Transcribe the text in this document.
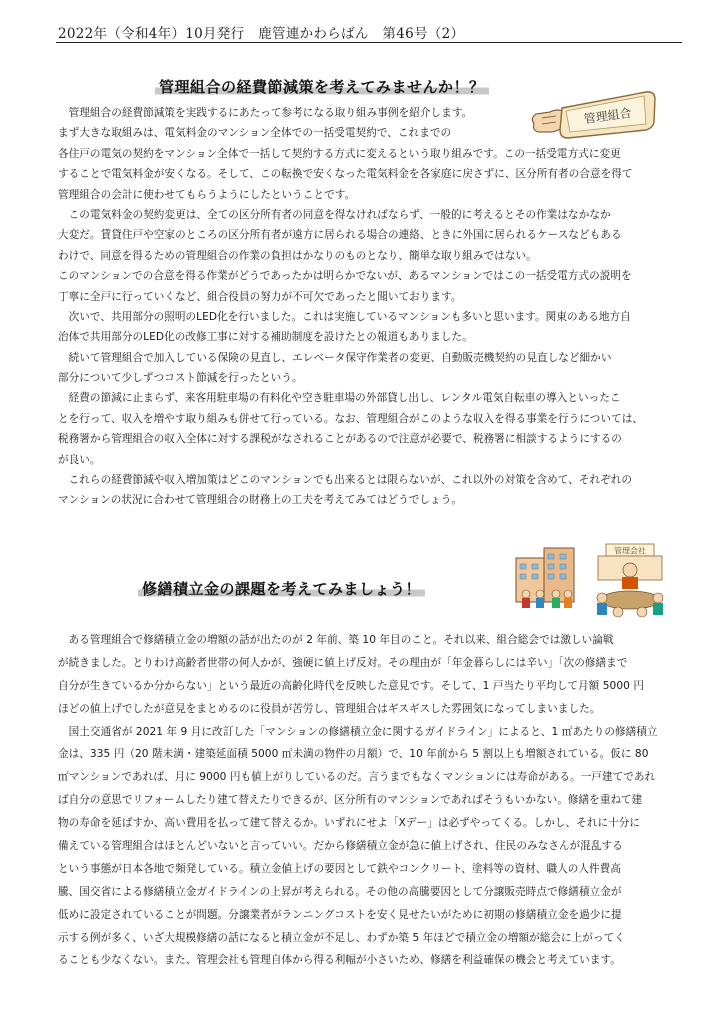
2022年（令和4年）10月発行　鹿管連かわらばん　第46号（2）
管理組合の経費節減策を考えてみませんか！？
管理組合
　管理組合の経費節減策を実践するにあたって参考になる取り組み事例を紹介します。
まず大きな取組みは、電気料金のマンション全体での一括受電契約で、これまでの
各住戸の電気の契約をマンション全体で一括して契約する方式に変えるという取り組みです。この一括受電方式に変更
することで電気料金が安くなる。そして、この転換で安くなった電気料金を各家庭に戻さずに、区分所有者の合意を得て
管理組合の会計に使わせてもらうようにしたということです。
　この電気料金の契約変更は、全ての区分所有者の同意を得なければならず、一般的に考えるとその作業はなかなか
大変だ。賃貸住戸や空家のところの区分所有者が遠方に居られる場合の連絡、ときに外国に居られるケースなどもある
わけで、同意を得るための管理組合の作業の負担はかなりのものとなり、簡単な取り組みではない。
このマンションでの合意を得る作業がどうであったかは明らかでないが、あるマンションではこの一括受電方式の説明を
丁寧に全戸に行っていくなど、組合役員の努力が不可欠であったと聞いております。
　次いで、共用部分の照明のLED化を行いました。これは実施しているマンションも多いと思います。関東のある地方自
治体で共用部分のLED化の改修工事に対する補助制度を設けたとの報道もありました。
　続いて管理組合で加入している保険の見直し、エレベータ保守作業者の変更、自動販売機契約の見直しなど細かい
部分について少しずつコスト節減を行ったという。
　経費の節減に止まらず、来客用駐車場の有料化や空き駐車場の外部貸し出し、レンタル電気自転車の導入といったこ
とを行って、収入を増やす取り組みも併せて行っている。なお、管理組合がこのような収入を得る事業を行うについては、
税務署から管理組合の収入全体に対する課税がなされることがあるので注意が必要で、税務署に相談するようにするの
が良い。
　これらの経費節減や収入増加策はどこのマンションでも出来るとは限らないが、これ以外の対策を含めて、それぞれの
マンションの状況に合わせて管理組合の財務上の工夫を考えてみてはどうでしょう。
修繕積立金の課題を考えてみましょう！
管理会社
　ある管理組合で修繕積立金の増額の話が出たのが 2 年前、築 10 年目のこと。それ以来、組合総会では激しい論戦
が続きました。とりわけ高齢者世帯の何人かが、強硬に値上げ反対。その理由が「年金暮らしには辛い」「次の修繕まで
自分が生きているか分からない」という最近の高齢化時代を反映した意見です。そして、1 戸当たり平均して月額 5000 円
ほどの値上げでしたが意見をまとめるのに役員が苦労し、管理組合はギスギスした雰囲気になってしまいました。
　国土交通省が 2021 年 9 月に改訂した「マンションの修繕積立金に関するガイドライン」によると、1 ㎡あたりの修繕積立
金は、335 円（20 階未満・建築延面積 5000 ㎡未満の物件の月額）で、10 年前から 5 割以上も増額されている。仮に 80
㎡マンションであれば、月に 9000 円も値上がりしているのだ。言うまでもなくマンションには寿命がある。一戸建てであれ
ば自分の意思でリフォームしたり建て替えたりできるが、区分所有のマンションであればそうもいかない。修繕を重ねて建
物の寿命を延ばすか、高い費用を払って建て替えるか。いずれにせよ「Xデー」は必ずやってくる。しかし、それに十分に
備えている管理組合はほとんどいないと言っていい。だから修繕積立金が急に値上げされ、住民のみなさんが混乱する
という事態が日本各地で頻発している。積立金値上げの要因として鉄やコンクリート、塗料等の資材、職人の人件費高
騰、国交省による修繕積立金ガイドラインの上昇が考えられる。その他の高騰要因として分譲販売時点で修繕積立金が
低めに設定されていることが問題。分譲業者がランニングコストを安く見せたいがために初期の修繕積立金を過少に提
示する例が多く、いざ大規模修繕の話になると積立金が不足し、わずか築 5 年ほどで積立金の増額が総会に上がってく
ることも少なくない。また、管理会社も管理自体から得る利幅が小さいため、修繕を利益確保の機会と考えています。
